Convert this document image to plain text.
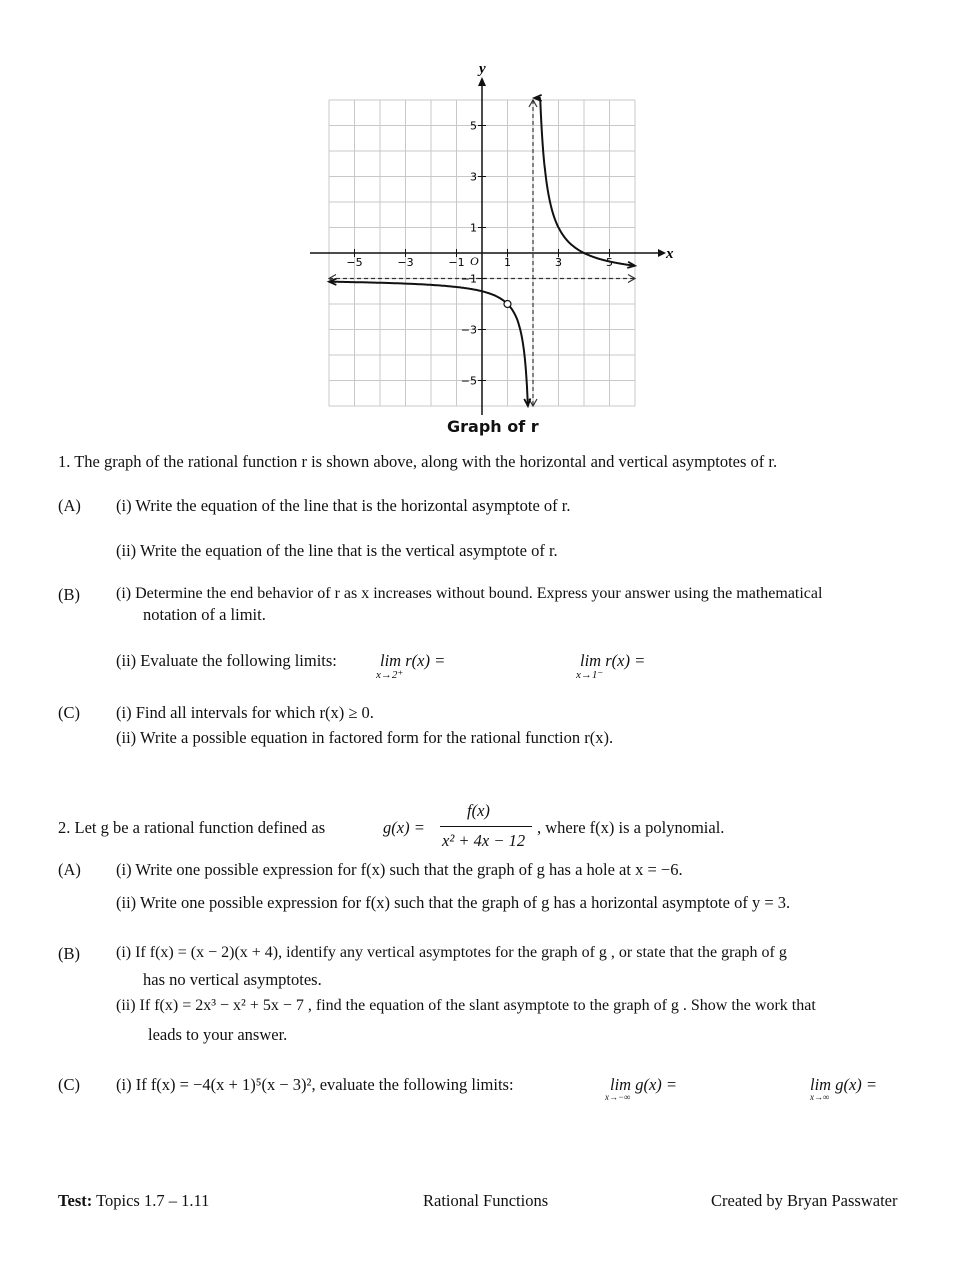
−5	−3	−1	1	3	5
5
3
1
−1
−3
−5
x
y
O
Graph of r
1. The graph of the rational function r is shown above, along with the horizontal and vertical asymptotes of r.
(A) (i) Write the equation of the line that is the horizontal asymptote of r.
(ii) Write the equation of the line that is the vertical asymptote of r.
(B) (i) Determine the end behavior of r as x increases without bound. Express your answer using the mathematical
notation of a limit.
(ii) Evaluate the following limits:	lim r(x) =
x→2⁺
lim r(x) =
x→1⁻
(C) (i) Find all intervals for which r(x) ≥ 0.
(ii) Write a possible equation in factored form for the rational function r(x).
2. Let g be a rational function defined as	g(x) =
f(x)
x² + 4x − 12
, where f(x) is a polynomial.
(A) (i) Write one possible expression for f(x) such that the graph of g has a hole at x = −6.
(ii) Write one possible expression for f(x) such that the graph of g has a horizontal asymptote of y = 3.
(B) (i) If f(x) = (x − 2)(x + 4), identify any vertical asymptotes for the graph of g , or state that the graph of g
has no vertical asymptotes.
(ii) If f(x) = 2x³ − x² + 5x − 7 , find the equation of the slant asymptote to the graph of g . Show the work that
leads to your answer.
(C) (i) If f(x) = −4(x + 1)⁵(x − 3)², evaluate the following limits:	lim g(x) =
x→−∞
lim g(x) =
x→∞
Test: Topics 1.7 – 1.11	Rational Functions	Created by Bryan Passwater
